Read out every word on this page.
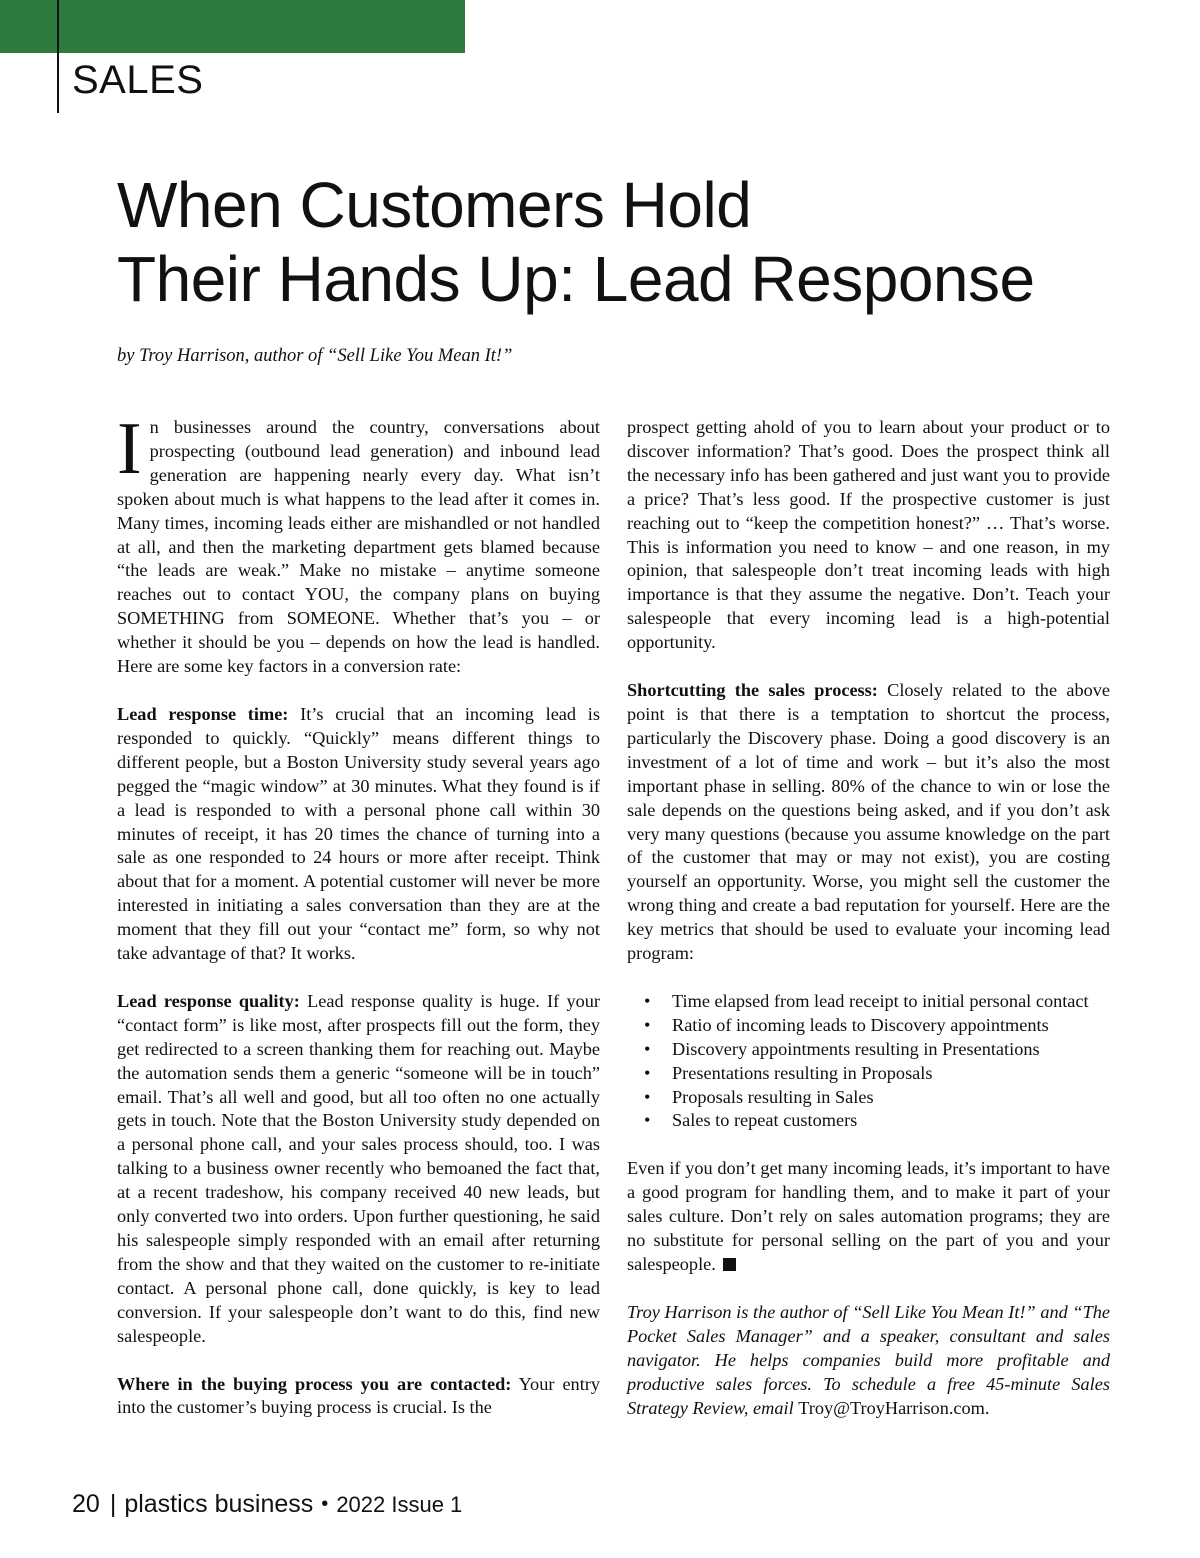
SALES
When Customers Hold
Their Hands Up: Lead Response
by Troy Harrison, author of “Sell Like You Mean It!”

In businesses around the country, conversations about prospecting (outbound lead generation) and inbound lead generation are happening nearly every day. What isn’t spoken about much is what happens to the lead after it comes in. Many times, incoming leads either are mishandled or not handled at all, and then the marketing department gets blamed because “the leads are weak.” Make no mistake – anytime someone reaches out to contact YOU, the company plans on buying SOMETHING from SOMEONE. Whether that’s you – or whether it should be you – depends on how the lead is handled. Here are some key factors in a conversion rate:

Lead response time: It’s crucial that an incoming lead is responded to quickly. “Quickly” means different things to different people, but a Boston University study several years ago pegged the “magic window” at 30 minutes. What they found is if a lead is responded to with a personal phone call within 30 minutes of receipt, it has 20 times the chance of turning into a sale as one responded to 24 hours or more after receipt. Think about that for a moment. A potential customer will never be more interested in initiating a sales conversation than they are at the moment that they fill out your “contact me” form, so why not take advantage of that? It works.

Lead response quality: Lead response quality is huge. If your “contact form” is like most, after prospects fill out the form, they get redirected to a screen thanking them for reaching out. Maybe the automation sends them a generic “someone will be in touch” email. That’s all well and good, but all too often no one actually gets in touch. Note that the Boston University study depended on a personal phone call, and your sales process should, too. I was talking to a business owner recently who bemoaned the fact that, at a recent tradeshow, his company received 40 new leads, but only converted two into orders. Upon further questioning, he said his salespeople simply responded with an email after returning from the show and that they waited on the customer to re-initiate contact. A personal phone call, done quickly, is key to lead conversion. If your salespeople don’t want to do this, find new salespeople.

Where in the buying process you are contacted: Your entry into the customer’s buying process is crucial. Is the

prospect getting ahold of you to learn about your product or to discover information? That’s good. Does the prospect think all the necessary info has been gathered and just want you to provide a price? That’s less good. If the prospective customer is just reaching out to “keep the competition honest?” … That’s worse. This is information you need to know – and one reason, in my opinion, that salespeople don’t treat incoming leads with high importance is that they assume the negative. Don’t. Teach your salespeople that every incoming lead is a high-potential opportunity.

Shortcutting the sales process: Closely related to the above point is that there is a temptation to shortcut the process, particularly the Discovery phase. Doing a good discovery is an investment of a lot of time and work – but it’s also the most important phase in selling. 80% of the chance to win or lose the sale depends on the questions being asked, and if you don’t ask very many questions (because you assume knowledge on the part of the customer that may or may not exist), you are costing yourself an opportunity. Worse, you might sell the customer the wrong thing and create a bad reputation for yourself. Here are the key metrics that should be used to evaluate your incoming lead program:

• Time elapsed from lead receipt to initial personal contact
• Ratio of incoming leads to Discovery appointments
• Discovery appointments resulting in Presentations
• Presentations resulting in Proposals
• Proposals resulting in Sales
• Sales to repeat customers

Even if you don’t get many incoming leads, it’s important to have a good program for handling them, and to make it part of your sales culture. Don’t rely on sales automation programs; they are no substitute for personal selling on the part of you and your salespeople.

Troy Harrison is the author of “Sell Like You Mean It!” and “The Pocket Sales Manager” and a speaker, consultant and sales navigator. He helps companies build more profitable and productive sales forces. To schedule a free 45-minute Sales Strategy Review, email Troy@TroyHarrison.com.

20 | plastics business • 2022 Issue 1
